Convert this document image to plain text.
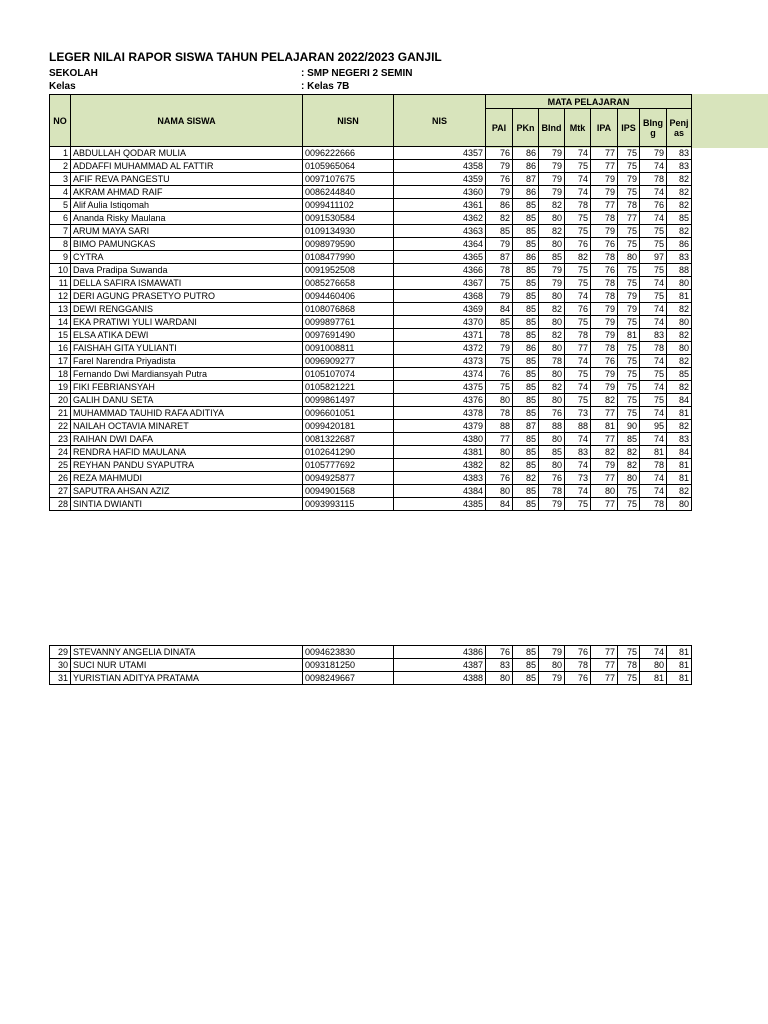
LEGER NILAI RAPOR SISWA TAHUN PELAJARAN 2022/2023 GANJIL
SEKOLAH	: SMP NEGERI 2 SEMIN
Kelas	: Kelas 7B
NO	NAMA SISWA	NISN	NIS	MATA PELAJARAN							
				PAI	PKn	BInd	Mtk	IPA	IPS	BIngg	Penjas
1	ABDULLAH QODAR MULIA	0096222666	4357	76	86	79	74	77	75	79	83
2	ADDAFFI MUHAMMAD AL FATTIR	0105965064	4358	79	86	79	75	77	75	74	83
3	AFIF REVA PANGESTU	0097107675	4359	76	87	79	74	79	79	78	82
4	AKRAM AHMAD RAIF	0086244840	4360	79	86	79	74	79	75	74	82
5	Alif Aulia Istiqomah	0099411102	4361	86	85	82	78	77	78	76	82
6	Ananda Risky Maulana	0091530584	4362	82	85	80	75	78	77	74	85
7	ARUM MAYA SARI	0109134930	4363	85	85	82	75	79	75	75	82
8	BIMO PAMUNGKAS	0098979590	4364	79	85	80	76	76	75	75	86
9	CYTRA	0108477990	4365	87	86	85	82	78	80	97	83
10	Dava Pradipa Suwanda	0091952508	4366	78	85	79	75	76	75	75	88
11	DELLA SAFIRA ISMAWATI	0085276658	4367	75	85	79	75	78	75	74	80
12	DERI AGUNG PRASETYO PUTRO	0094460406	4368	79	85	80	74	78	79	75	81
13	DEWI RENGGANIS	0108076868	4369	84	85	82	76	79	79	74	82
14	EKA PRATIWI YULI WARDANI	0099897761	4370	85	85	80	75	79	75	74	80
15	ELSA ATIKA DEWI	0097691490	4371	78	85	82	78	79	81	83	82
16	FAISHAH GITA YULIANTI	0091008811	4372	79	86	80	77	78	75	78	80
17	Farel Narendra Priyadista	0096909277	4373	75	85	78	74	76	75	74	82
18	Fernando Dwi Mardiansyah Putra	0105107074	4374	76	85	80	75	79	75	75	85
19	FIKI FEBRIANSYAH	0105821221	4375	75	85	82	74	79	75	74	82
20	GALIH DANU SETA	0099861497	4376	80	85	80	75	82	75	75	84
21	MUHAMMAD TAUHID RAFA ADITIYA	0096601051	4378	78	85	76	73	77	75	74	81
22	NAILAH OCTAVIA MINARET	0099420181	4379	88	87	88	88	81	90	95	82
23	RAIHAN DWI DAFA	0081322687	4380	77	85	80	74	77	85	74	83
24	RENDRA HAFID MAULANA	0102641290	4381	80	85	85	83	82	82	81	84
25	REYHAN PANDU SYAPUTRA	0105777692	4382	82	85	80	74	79	82	78	81
26	REZA MAHMUDI	0094925877	4383	76	82	76	73	77	80	74	81
27	SAPUTRA AHSAN AZIZ	0094901568	4384	80	85	78	74	80	75	74	82
28	SINTIA DWIANTI	0093993115	4385	84	85	79	75	77	75	78	80
29	STEVANNY ANGELIA DINATA	0094623830	4386	76	85	79	76	77	75	74	81
30	SUCI NUR UTAMI	0093181250	4387	83	85	80	78	77	78	80	81
31	YURISTIAN ADITYA PRATAMA	0098249667	4388	80	85	79	76	77	75	81	81
